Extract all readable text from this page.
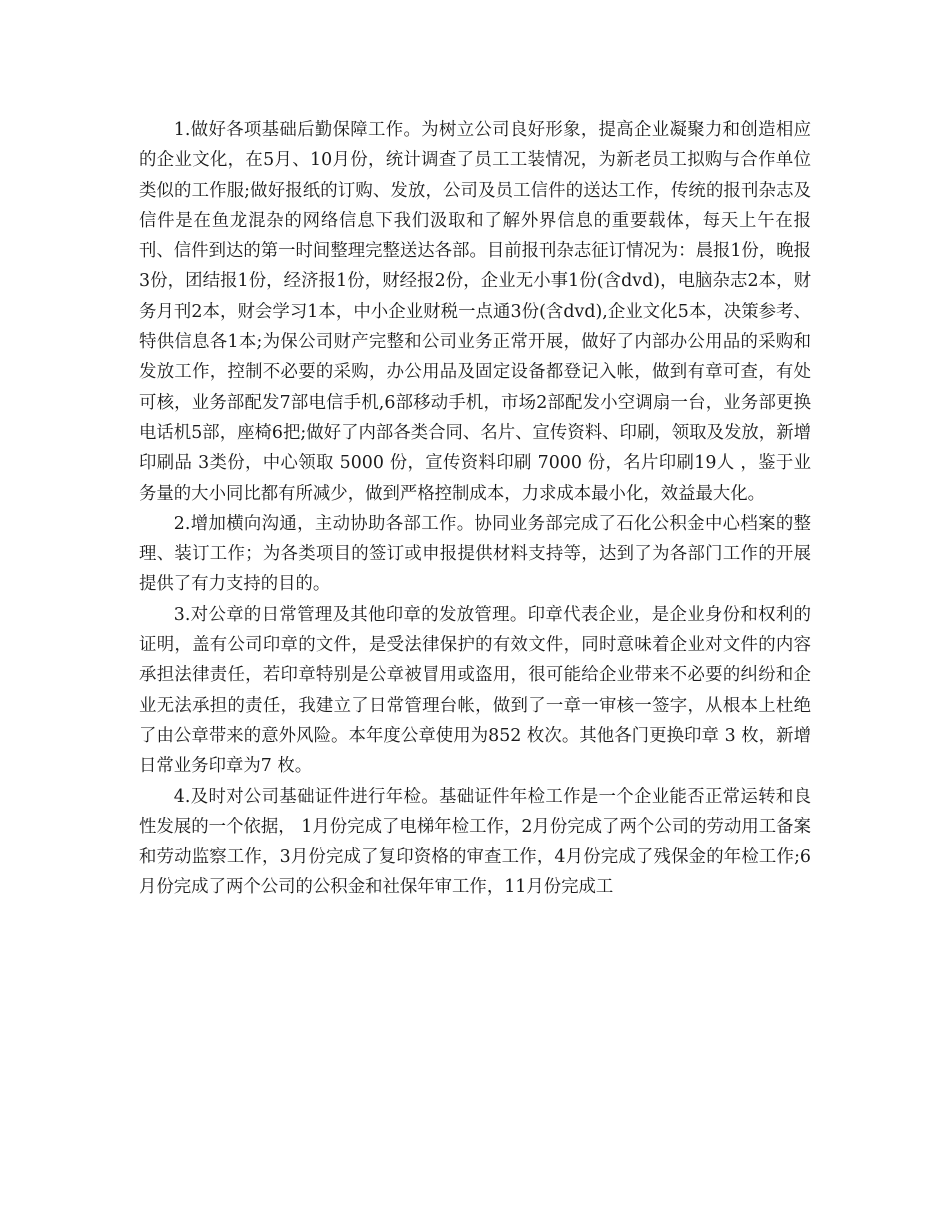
1.做好各项基础后勤保障工作。为树立公司良好形象，提高企业凝聚力和创造相应的企业文化，在5月、10月份，统计调查了员工工装情况，为新老员工拟购与合作单位类似的工作服;做好报纸的订购、发放，公司及员工信件的送达工作，传统的报刊杂志及信件是在鱼龙混杂的网络信息下我们汲取和了解外界信息的重要载体，每天上午在报刊、信件到达的第一时间整理完整送达各部。目前报刊杂志征订情况为：晨报1份，晚报3份，团结报1份，经济报1份，财经报2份，企业无小事1份(含dvd)，电脑杂志2本，财务月刊2本，财会学习1本，中小企业财税一点通3份(含dvd),企业文化5本，决策参考、特供信息各1本;为保公司财产完整和公司业务正常开展，做好了内部办公用品的采购和发放工作，控制不必要的采购，办公用品及固定设备都登记入帐，做到有章可查，有处可核，业务部配发7部电信手机,6部移动手机，市场2部配发小空调扇一台，业务部更换电话机5部，座椅6把;做好了内部各类合同、名片、宣传资料、印刷，领取及发放，新增印刷品 3类份，中心领取 5000 份，宣传资料印刷 7000 份，名片印刷19人 ，鉴于业务量的大小同比都有所减少，做到严格控制成本，力求成本最小化，效益最大化。

2.增加横向沟通，主动协助各部工作。协同业务部完成了石化公积金中心档案的整理、装订工作；为各类项目的签订或申报提供材料支持等，达到了为各部门工作的开展提供了有力支持的目的。

3.对公章的日常管理及其他印章的发放管理。印章代表企业，是企业身份和权利的证明，盖有公司印章的文件，是受法律保护的有效文件，同时意味着企业对文件的内容承担法律责任，若印章特别是公章被冒用或盗用，很可能给企业带来不必要的纠纷和企业无法承担的责任，我建立了日常管理台帐，做到了一章一审核一签字，从根本上杜绝了由公章带来的意外风险。本年度公章使用为852 枚次。其他各门更换印章 3 枚，新增日常业务印章为7 枚。

4.及时对公司基础证件进行年检。基础证件年检工作是一个企业能否正常运转和良性发展的一个依据， 1月份完成了电梯年检工作，2月份完成了两个公司的劳动用工备案和劳动监察工作，3月份完成了复印资格的审查工作，4月份完成了残保金的年检工作;6月份完成了两个公司的公积金和社保年审工作，11月份完成工
